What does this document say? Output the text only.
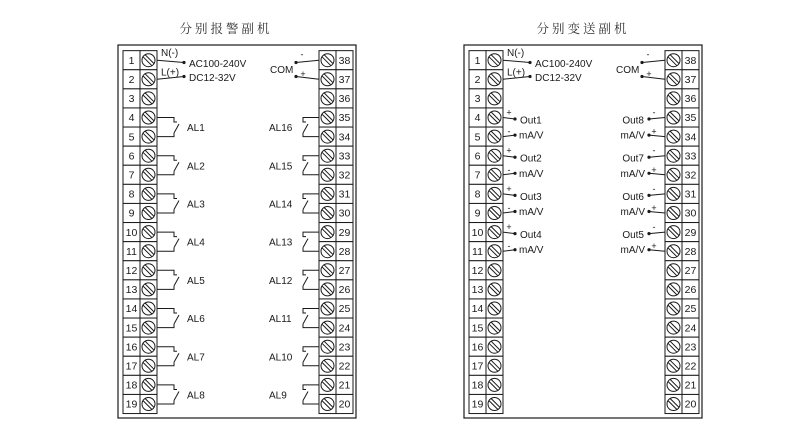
分别报警副机	分别变送副机
1
2
3
4
5
6
7
8
9
10
11
12
13
14
15
16
17
18
19
38
37
36
35
34
33
32
31
30
29
28
27
26
25
24
23
22
21
20
N(-)
L(+)
AC100-240V
DC12-32V
COM
-
+
AL1
AL2
AL3
AL4
AL5
AL6
AL7
AL8
AL16
AL15
AL14
AL13
AL12
AL11
AL10
AL9
1
2
3
4
5
6
7
8
9
10
11
12
13
14
15
16
17
18
19
38
37
36
35
34
33
32
31
30
29
28
27
26
25
24
23
22
21
20
N(-)
L(+)
AC100-240V
DC12-32V
COM
-
+
+
-
Out1
mA/V
+
-
Out2
mA/V
+
-
Out3
mA/V
+
-
Out4
mA/V
-
+
Out8
mA/V
-
+
Out7
mA/V
-
+
Out6
mA/V
-
+
Out5
mA/V
